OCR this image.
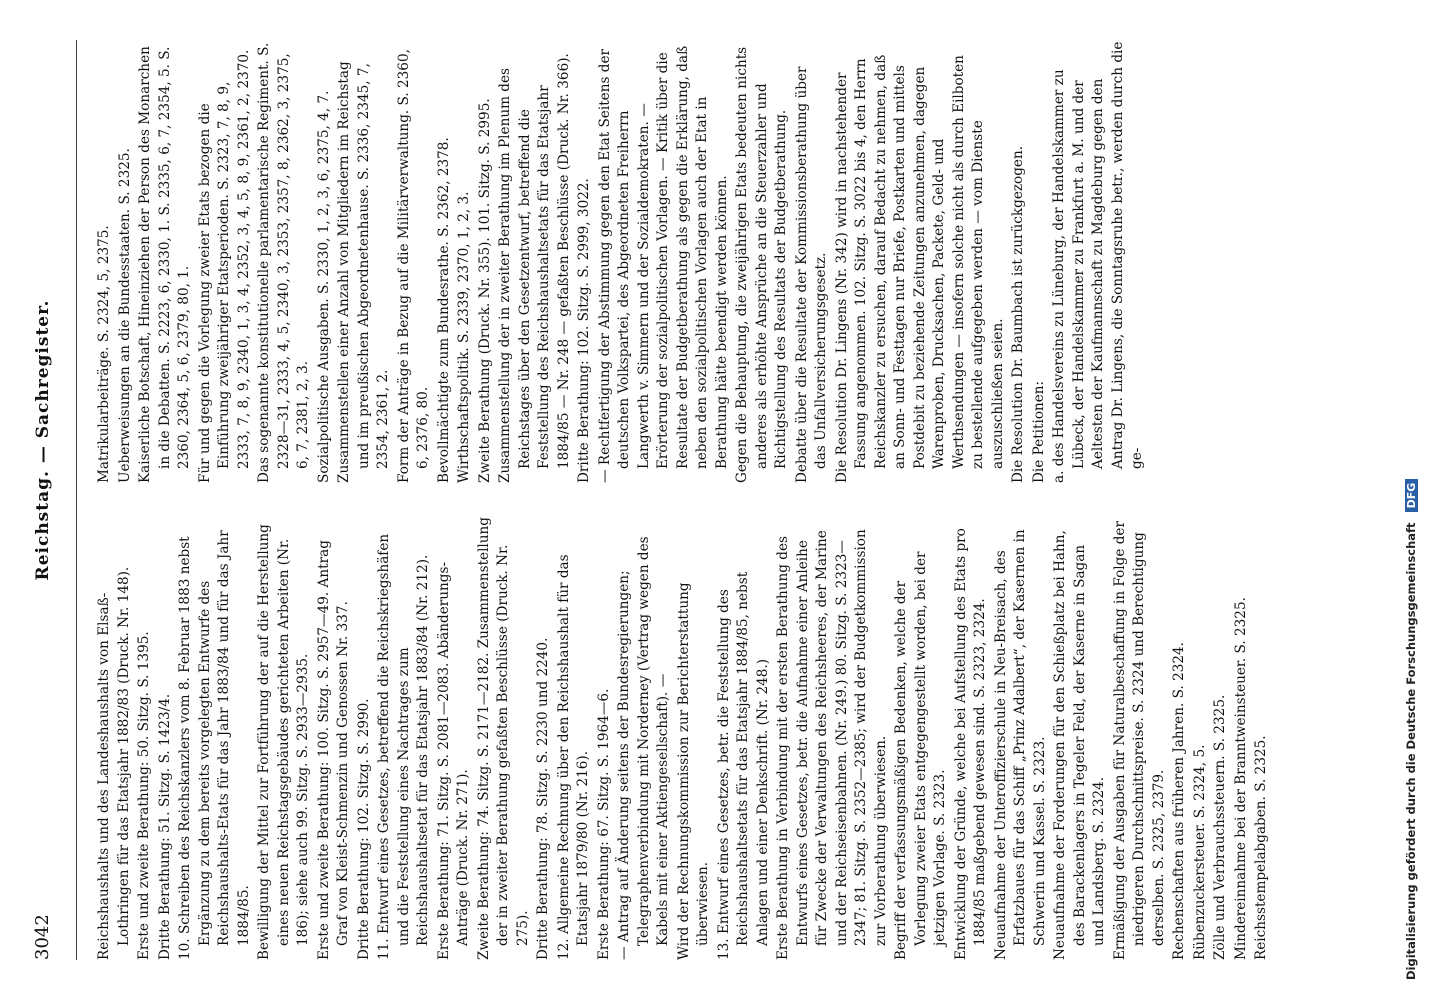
3042
Reichstag. — Sachregister.

Reichshaushalts und des Landeshaushalts von Elsaß-Lothringen für das Etatsjahr 1882/83 (Druck. Nr. 148). Erste und zweite Berathung: 50. Sitzg. S. 1395. Dritte Berathung: 51. Sitzg. S. 1423/4. 10. Schreiben des Reichskanzlers vom 8. Februar 1883 nebst Ergänzung zu dem bereits vorgelegten Entwurfe des Reichshaushalts-Etats für das Jahr 1883/84 und für das Jahr 1884/85. Bewilligung der Mittel zur Fortführung der auf die Herstellung eines neuen Reichstagsgebäudes gerichteten Arbeiten (Nr. 186); siehe auch 99. Sitzg. S. 2933—2935. Erste und zweite Berathung: 100. Sitzg. S. 2957—49. Antrag Graf von Kleist-Schmenzin und Genossen Nr. 337. Dritte Berathung: 102. Sitzg. S. 2990. 11. Entwurf eines Gesetzes, betreffend die Reichskriegshäfen und die Feststellung eines Nachtrages zum Reichshaushaltsetat für das Etatsjahr 1883/84 (Nr. 212). Erste Berathung: 71. Sitzg. S. 2081—2083. Abänderungs-Anträge (Druck. Nr. 271). Zweite Berathung: 74. Sitzg. S. 2171—2182. Zusammenstellung der in zweiter Berathung gefaßten Beschlüsse (Druck. Nr. 275). Dritte Berathung: 78. Sitzg. S. 2230 und 2240. 12. Allgemeine Rechnung über den Reichshaushalt für das Etatsjahr 1879/80 (Nr. 216). Erste Berathung: 67. Sitzg. S. 1964—6. — Antrag auf Änderung seitens der Bundesregierungen; Telegraphenverbindung mit Norderney (Vertrag wegen des Kabels mit einer Aktiengesellschaft). — Wird der Rechnungskommission zur Berichterstattung überwiesen. 13. Entwurf eines Gesetzes, betr. die Feststellung des Reichshaushaltsetats für das Etatsjahr 1884/85, nebst Anlagen und einer Denkschrift. (Nr. 248.) Erste Berathung in Verbindung mit der ersten Berathung des Entwurfs eines Gesetzes, betr. die Aufnahme einer Anleihe für Zwecke der Verwaltungen des Reichsheeres, der Marine und der Reichseisenbahnen. (Nr. 249.) 80. Sitzg. S. 2323—2347; 81. Sitzg. S. 2352—2385; wird der Budgetkommission zur Vorberathung überwiesen. Begriff der verfassungsmäßigen Bedenken, welche der Vorlegung zweier Etats entgegengestellt worden, bei der jetzigen Vorlage. S. 2323. Entwicklung der Gründe, welche bei Aufstellung des Etats pro 1884/85 maßgebend gewesen sind. S. 2323, 2324. Neuaufnahme der Unteroffizierschule in Neu-Breisach, des Erfatzbaues für das Schiff „Prinz Adalbert“, der Kasernen in Schwerin und Kassel. S. 2323. Neuaufnahme der Forderungen für den Schießplatz bei Hahn, des Barackenlagers in Tegeler Feld, der Kaserne in Sagan und Landsberg. S. 2324. Ermäßigung der Ausgaben für Naturalbeschaffung in Folge der niedrigeren Durchschnittspreise. S. 2324 und Berechtigung derselben. S. 2325, 2379. Rechenschaften aus früheren Jahren. S. 2324. Rübenzuckersteuer. S. 2324, 5. Zölle und Verbrauchssteuern. S. 2325. Mindereinnahme bei der Branntweinsteuer. S. 2325. Reichsstempelabgaben. S. 2325.

Matrikularbeiträge. S. 2324, 5, 2375. Ueberweisungen an die Bundesstaaten. S. 2325. Kaiserliche Botschaft, Hineinziehen der Person des Monarchen in die Debatten. S. 2223, 6, 2330, 1. S. 2335, 6, 7, 2354, 5. S. 2360, 2364, 5, 6, 2379, 80, 1. Für und gegen die Vorlegung zweier Etats bezogen die Einführung zweijähriger Etatsperioden. S. 2323, 7, 8, 9, 2333, 7, 8, 9, 2340, 1, 3, 4, 2352, 3, 4, 5, 8, 9, 2361, 2, 2370. Das sogenannte konstitutionelle parlamentarische Regiment. S. 2328—31, 2333, 4, 5, 2340, 3, 2353, 2357, 8, 2362, 3, 2375, 6, 7, 2381, 2, 3. Sozialpolitische Ausgaben. S. 2330, 1, 2, 3, 6, 2375, 4, 7. Zusammenstellen einer Anzahl von Mitgliedern im Reichstag und im preußischen Abgeordnetenhause. S. 2336, 2345, 7, 2354, 2361, 2. Form der Anträge in Bezug auf die Militärverwaltung. S. 2360, 6, 2376, 80. Bevollmächtigte zum Bundesrathe. S. 2362, 2378. Wirthschaftspolitik. S. 2339, 2370, 1, 2, 3. Zweite Berathung (Druck. Nr. 355). 101. Sitzg. S. 2995. Zusammenstellung der in zweiter Berathung im Plenum des Reichstages über den Gesetzentwurf, betreffend die Feststellung des Reichshaushaltsetats für das Etatsjahr 1884/85 — Nr. 248 — gefaßten Beschlüsse (Druck. Nr. 366). Dritte Berathung: 102. Sitzg. S. 2999, 3022. — Rechtfertigung der Abstimmung gegen den Etat Seitens der deutschen Volkspartei, des Abgeordneten Freiherrn Langwerth v. Simmern und der Sozialdemokraten. — Erörterung der sozialpolitischen Vorlagen. — Kritik über die Resultate der Budgetberathung als gegen die Erklärung, daß neben den sozialpolitischen Vorlagen auch der Etat in Berathung hätte beendigt werden können. Gegen die Behauptung, die zweijährigen Etats bedeuten nichts anderes als erhöhte Ansprüche an die Steuerzahler und Richtigstellung des Resultats der Budgetberathung. Debatte über die Resultate der Kommissionsberathung über das Unfallversicherungsgesetz. Die Resolution Dr. Lingens (Nr. 342) wird in nachstehender Fassung angenommen. 102. Sitzg. S. 3022 bis 4, den Herrn Reichskanzler zu ersuchen, darauf Bedacht zu nehmen, daß an Sonn- und Festtagen nur Briefe, Postkarten und mittels Postdebit zu beziehende Zeitungen anzunehmen, dagegen Warenproben, Drucksachen, Packete, Geld- und Werthsendungen — insofern solche nicht als durch Eilboten zu bestellende aufgegeben werden — vom Dienste auszuschließen seien. Die Resolution Dr. Baumbach ist zurückgezogen. Die Petitionen: a. des Handelsvereins zu Lüneburg, der Handelskammer zu Lübeck, der Handelskammer zu Frankfurt a. M. und der Aeltesten der Kaufmannschaft zu Magdeburg gegen den Antrag Dr. Lingens, die Sonntagsruhe betr., werden durch die ge-

Digitalisierung gefördert durch die Deutsche Forschungsgemeinschaft DFG
